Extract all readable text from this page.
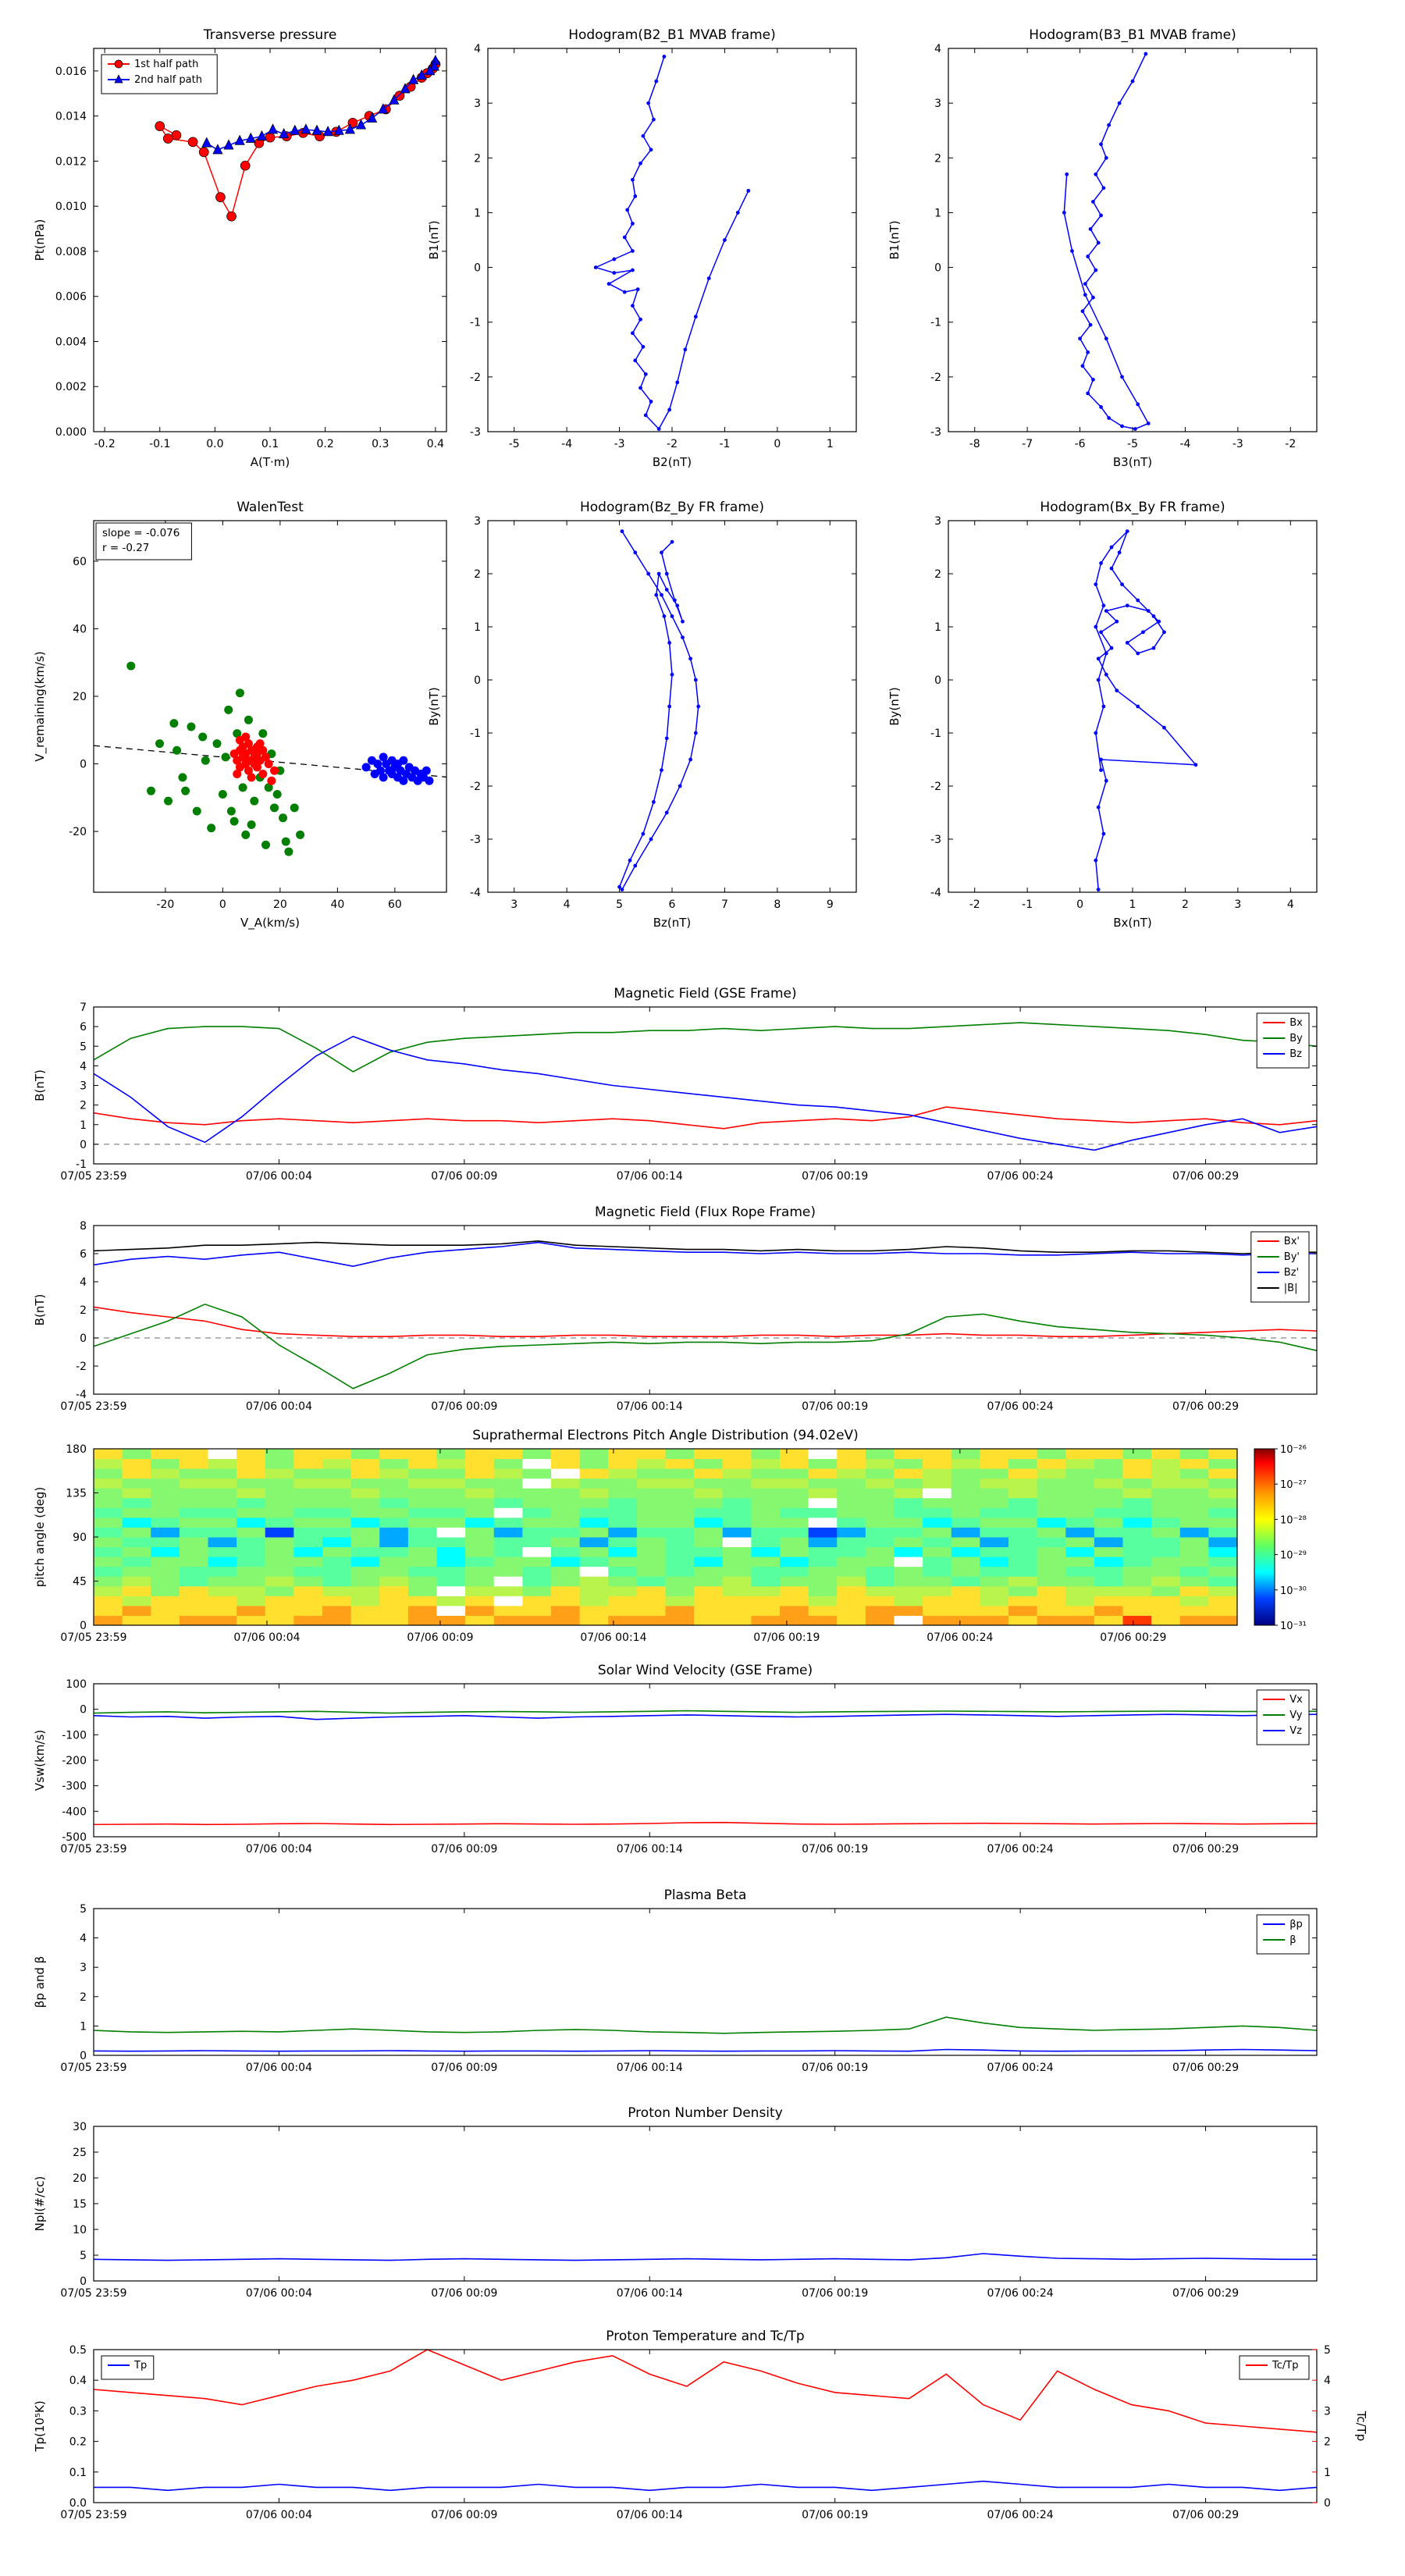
-0.2	-0.1	0.0	0.1	0.2	0.3	0.4
0.000
0.002
0.004
0.006
0.008
0.010
0.012
0.014
0.016
Transverse pressure
A(T·m)
Pt(nPa)
1st half path
2nd half path
-5	-4	-3	-2	-1	0	1
-3
-2
-1
0
1
2
3
4
Hodogram(B2_B1 MVAB frame)
B2(nT)
B1(nT)
-8	-7	-6	-5	-4	-3	-2
-3
-2
-1
0
1
2
3
4
Hodogram(B3_B1 MVAB frame)
B3(nT)
B1(nT)
-20	0	20	40	60
-20
0
20
40
60
WalenTest
V_A(km/s)
V_remaining(km/s)
slope = -0.076
r = -0.27
3	4	5	6	7	8	9
-4
-3
-2
-1
0
1
2
3
Hodogram(Bz_By FR frame)
Bz(nT)
By(nT)
-2	-1	0	1	2	3	4
-4
-3
-2
-1
0
1
2
3
Hodogram(Bx_By FR frame)
Bx(nT)
By(nT)
07/05 23:59	07/06 00:04	07/06 00:09	07/06 00:14	07/06 00:19	07/06 00:24	07/06 00:29
-1
0
1
2
3
4
5
6
7
Magnetic Field (GSE Frame)
B(nT)
Bx
By
Bz
07/05 23:59	07/06 00:04	07/06 00:09	07/06 00:14	07/06 00:19	07/06 00:24	07/06 00:29
-4
-2
0
2
4
6
8
Magnetic Field (Flux Rope Frame)
B(nT)
Bx'
By'
Bz'
|B|
07/05 23:59	07/06 00:04	07/06 00:09	07/06 00:14	07/06 00:19	07/06 00:24	07/06 00:29
0
45
90
135
180
Suprathermal Electrons Pitch Angle Distribution (94.02eV)
pitch angle (deg)
10⁻²⁶
10⁻²⁷
10⁻²⁸
10⁻²⁹
10⁻³⁰
10⁻³¹
07/05 23:59	07/06 00:04	07/06 00:09	07/06 00:14	07/06 00:19	07/06 00:24	07/06 00:29
-500
-400
-300
-200
-100
0
100
Solar Wind Velocity (GSE Frame)
Vsw(km/s)
Vx
Vy
Vz
07/05 23:59	07/06 00:04	07/06 00:09	07/06 00:14	07/06 00:19	07/06 00:24	07/06 00:29
0
1
2
3
4
5
Plasma Beta
βp and β
βp
β
07/05 23:59	07/06 00:04	07/06 00:09	07/06 00:14	07/06 00:19	07/06 00:24	07/06 00:29
0
5
10
15
20
25
30
Proton Number Density
Npl(#/cc)
07/05 23:59	07/06 00:04	07/06 00:09	07/06 00:14	07/06 00:19	07/06 00:24	07/06 00:29
0.0
0.1
0.2
0.3
0.4
0.5
0
1
2
3
4
5
Proton Temperature and Tc/Tp
Tp(10⁵K)	Tc/Tp
Tp	Tc/Tp
